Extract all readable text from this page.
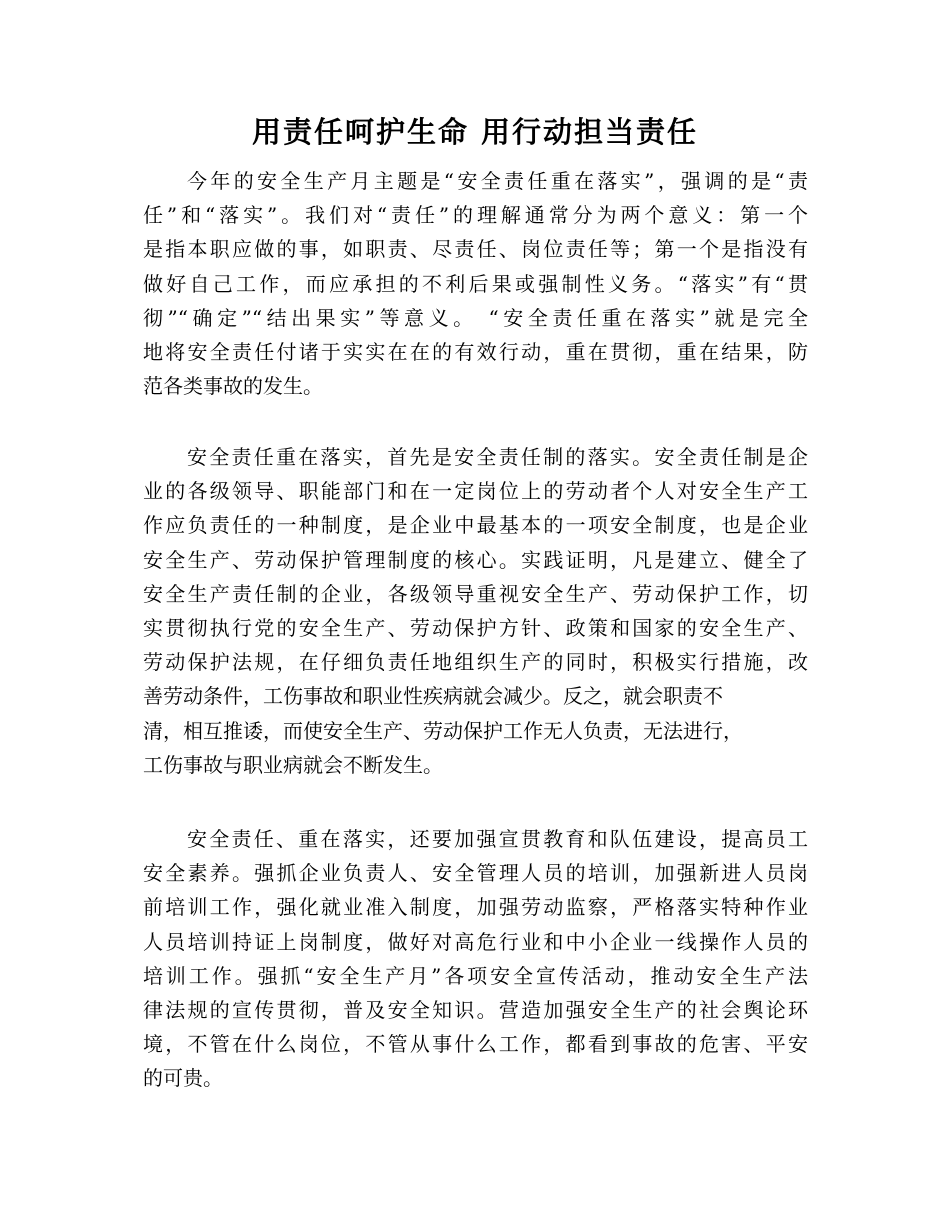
用责任呵护生命 用行动担当责任
今年的安全生产月主题是“安全责任重在落实”，强调的是“责
任”和“落实”。我们对“责任”的理解通常分为两个意义：第一个
是指本职应做的事，如职责、尽责任、岗位责任等；第一个是指没有
做好自己工作，而应承担的不利后果或强制性义务。“落实”有“贯
彻”“确定”“结出果实”等意义。 “安全责任重在落实”就是完全
地将安全责任付诸于实实在在的有效行动，重在贯彻，重在结果，防
范各类事故的发生。
安全责任重在落实，首先是安全责任制的落实。安全责任制是企
业的各级领导、职能部门和在一定岗位上的劳动者个人对安全生产工
作应负责任的一种制度，是企业中最基本的一项安全制度，也是企业
安全生产、劳动保护管理制度的核心。实践证明，凡是建立、健全了
安全生产责任制的企业，各级领导重视安全生产、劳动保护工作，切
实贯彻执行党的安全生产、劳动保护方针、政策和国家的安全生产、
劳动保护法规，在仔细负责任地组织生产的同时，积极实行措施，改
善劳动条件，工伤事故和职业性疾病就会减少。反之，就会职责不
清，相互推诿，而使安全生产、劳动保护工作无人负责，无法进行，
工伤事故与职业病就会不断发生。
安全责任、重在落实，还要加强宣贯教育和队伍建设，提高员工
安全素养。强抓企业负责人、安全管理人员的培训，加强新进人员岗
前培训工作，强化就业准入制度，加强劳动监察，严格落实特种作业
人员培训持证上岗制度，做好对高危行业和中小企业一线操作人员的
培训工作。强抓“安全生产月”各项安全宣传活动，推动安全生产法
律法规的宣传贯彻，普及安全知识。营造加强安全生产的社会舆论环
境，不管在什么岗位，不管从事什么工作，都看到事故的危害、平安
的可贵。
